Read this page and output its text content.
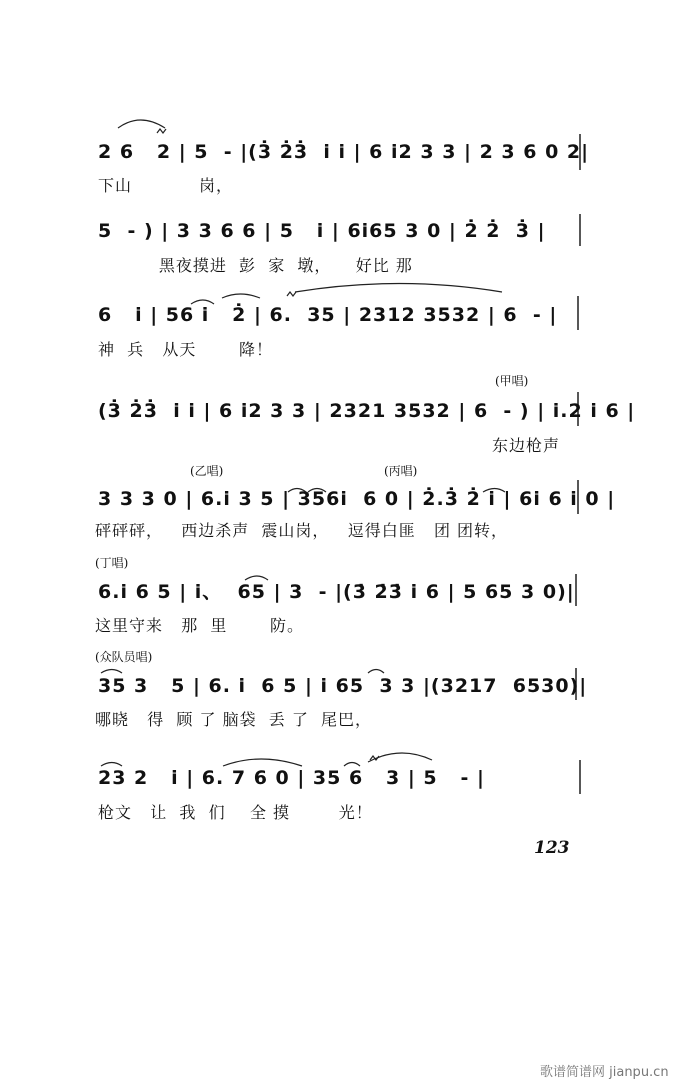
2 6   2 | 5  - |(3̇ 2̇3̇  i i | 6 i2 3 3 | 2 3 6 0 2|
下山           岗，
5  - ) | 3 3 6 6 | 5   i | 6i65 3 0 | 2̇ 2̇  3̇ |
黑夜摸进  彭  家  墩，    好比 那
6   i | 56 i   2̇ | 6.  35 | 2312 3532 | 6  - |
神  兵   从天       降！
(甲唱)
(3̇ 2̇3̇  i i | 6 i2 3 3 | 2321 3532 | 6  - ) | i.2 i 6 |
东边枪声
(乙唱)	(丙唱)
3 3 3 0 | 6.i 3 5 | 356i  6 0 | 2̇.3̇ 2̇ i | 6i 6 i 0 |
砰砰砰，   西边杀声  震山岗，   逗得白匪   团 团转，
(丁唱)
6.i 6 5 | i、  65 | 3  - |(3̇ 2̇3̇ i 6 | 5 65 3 0)|
这里守来   那  里       防。
(众队员唱)
35 3   5 | 6. i  6 5 | i 65  3 3 |(3217  6530)|
哪晓   得  顾 了 脑袋  丢 了  尾巴，
23 2   i | 6. 7 6 0 | 35 6   3 | 5   - |
枪文   让  我  们    全 摸        光！
123
歌谱简谱网 jianpu.cn
